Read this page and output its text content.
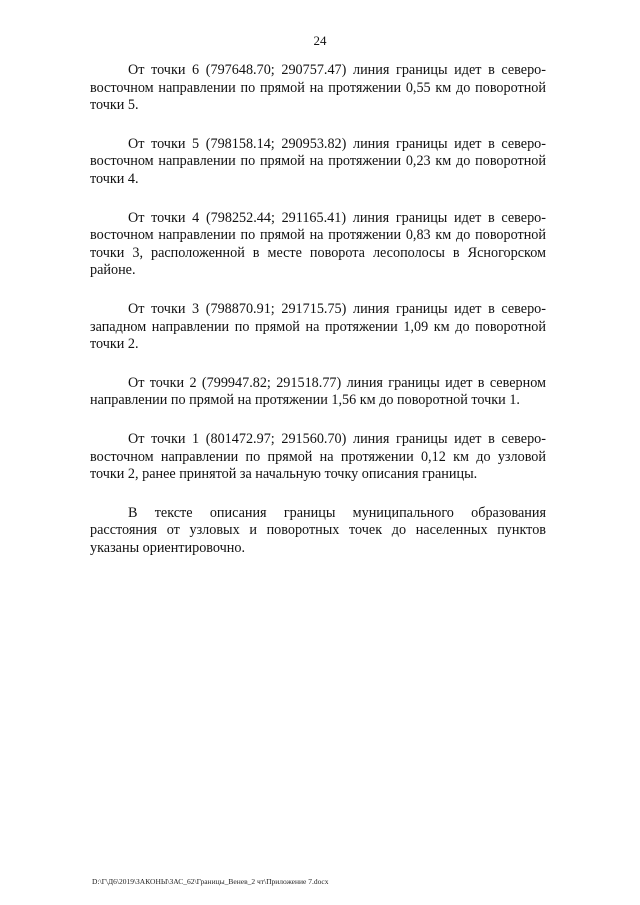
24

От точки 6 (797648.70; 290757.47) линия границы идет в северо-восточном направлении по прямой на протяжении 0,55 км до поворотной точки 5.

От точки 5 (798158.14; 290953.82) линия границы идет в северо-восточном направлении по прямой на протяжении 0,23 км до поворотной точки 4.

От точки 4 (798252.44; 291165.41) линия границы идет в северо-восточном направлении по прямой на протяжении 0,83 км до поворотной точки 3, расположенной в месте поворота лесополосы в Ясногорском районе.

От точки 3 (798870.91; 291715.75) линия границы идет в северо-западном направлении по прямой на протяжении 1,09 км до поворотной точки 2.

От точки 2 (799947.82; 291518.77) линия границы идет в северном направлении по прямой на протяжении 1,56 км до поворотной точки 1.

От точки 1 (801472.97; 291560.70) линия границы идет в северо-восточном направлении по прямой на протяжении 0,12 км до узловой точки 2, ранее принятой за начальную точку описания границы.

В тексте описания границы муниципального образования расстояния от узловых и поворотных точек до населенных пунктов указаны ориентировочно.

D:\Г\Д6\2019\ЗАКОНЫ\ЗАС_62\Границы_Венев_2 чт\Приложение 7.docx
